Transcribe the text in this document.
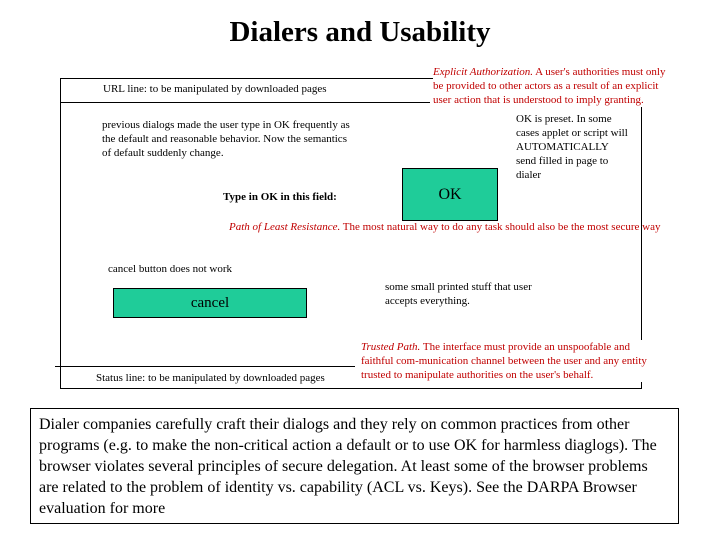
Dialers and Usability
URL line: to be manipulated by downloaded pages
previous dialogs made the user type in OK frequently as the default and reasonable behavior. Now the semantics of default suddenly change.
Type in OK in this field:	OK
cancel button does not work
cancel
some small printed stuff that user accepts everything.
Status line: to be manipulated by downloaded pages
Explicit Authorization. A user's authorities must only be provided to other actors as a result of an explicit user action that is understood to imply granting.
OK is preset. In some cases applet or script will AUTOMATICALLY send filled in page to dialer
Path of Least Resistance. The most natural way to do any task should also be the most secure way
Trusted Path. The interface must provide an unspoofable and faithful com-munication channel between the user and any entity trusted to manipulate authorities on the user's behalf.
Dialer companies carefully craft their dialogs and they rely on common practices from other programs (e.g. to make the non-critical action a default or to use OK for harmless diaglogs). The browser violates several principles of secure delegation. At least some of the browser problems are related to the problem of identity vs. capability (ACL vs. Keys). See the DARPA Browser evaluation for more
